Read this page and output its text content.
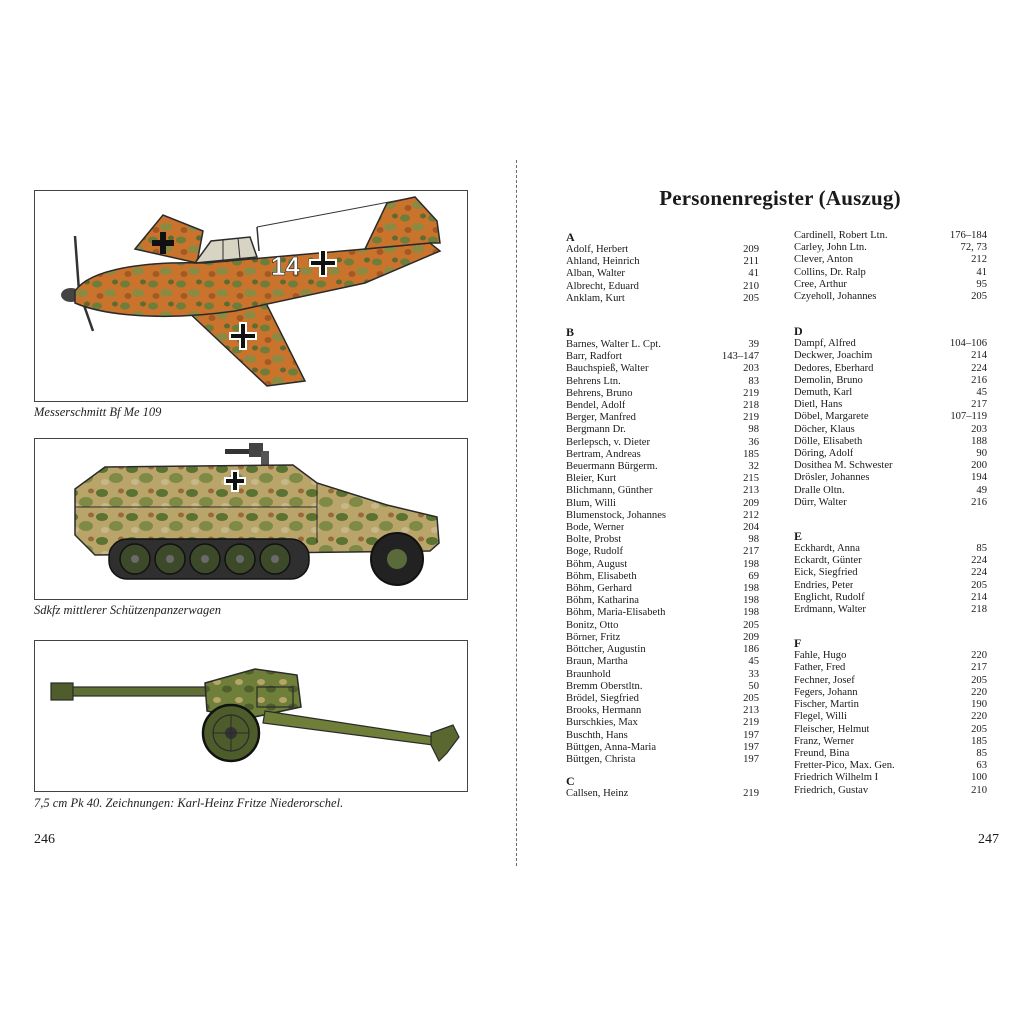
14
Messerschmitt Bf Me 109
Sdkfz mittlerer Schützenpanzerwagen
7,5 cm Pk 40. Zeichnungen: Karl-Heinz Fritze Niederorschel.
246
Personenregister (Auszug)
A
Adolf, Herbert	209
Ahland, Heinrich	211
Alban, Walter	41
Albrecht, Eduard	210
Anklam, Kurt	205
B
Barnes, Walter L. Cpt.	39
Barr, Radfort	143–147
Bauchspieß, Walter	203
Behrens Ltn.	83
Behrens, Bruno	219
Bendel, Adolf	218
Berger, Manfred	219
Bergmann Dr.	98
Berlepsch, v. Dieter	36
Bertram, Andreas	185
Beuermann Bürgerm.	32
Bleier, Kurt	215
Blichmann, Günther	213
Blum, Willi	209
Blumenstock, Johannes	212
Bode, Werner	204
Bolte, Probst	98
Boge, Rudolf	217
Böhm, August	198
Böhm, Elisabeth	69
Böhm, Gerhard	198
Böhm, Katharina	198
Böhm, Maria-Elisabeth	198
Bonitz, Otto	205
Börner, Fritz	209
Böttcher, Augustin	186
Braun, Martha	45
Braunhold	33
Bremm Oberstltn.	50
Brödel, Siegfried	205
Brooks, Hermann	213
Burschkies, Max	219
Buschth, Hans	197
Büttgen, Anna-Maria	197
Büttgen, Christa	197
C
Callsen, Heinz	219
Cardinell, Robert Ltn.	176–184
Carley, John Ltn.	72, 73
Clever, Anton	212
Collins, Dr. Ralp	41
Cree, Arthur	95
Czyeholl, Johannes	205
D
Dampf, Alfred	104–106
Deckwer, Joachim	214
Dedores, Eberhard	224
Demolin, Bruno	216
Demuth, Karl	45
Dietl, Hans	217
Döbel, Margarete	107–119
Döcher, Klaus	203
Dölle, Elisabeth	188
Döring, Adolf	90
Dosithea M. Schwester	200
Drösler, Johannes	194
Dralle Oltn.	49
Dürr, Walter	216
E
Eckhardt, Anna	85
Eckardt, Günter	224
Eick, Siegfried	224
Endries, Peter	205
Englicht, Rudolf	214
Erdmann, Walter	218
F
Fahle, Hugo	220
Father, Fred	217
Fechner, Josef	205
Fegers, Johann	220
Fischer, Martin	190
Flegel, Willi	220
Fleischer, Helmut	205
Franz, Werner	185
Freund, Bina	85
Fretter-Pico, Max. Gen.	63
Friedrich Wilhelm I	100
Friedrich, Gustav	210
247
